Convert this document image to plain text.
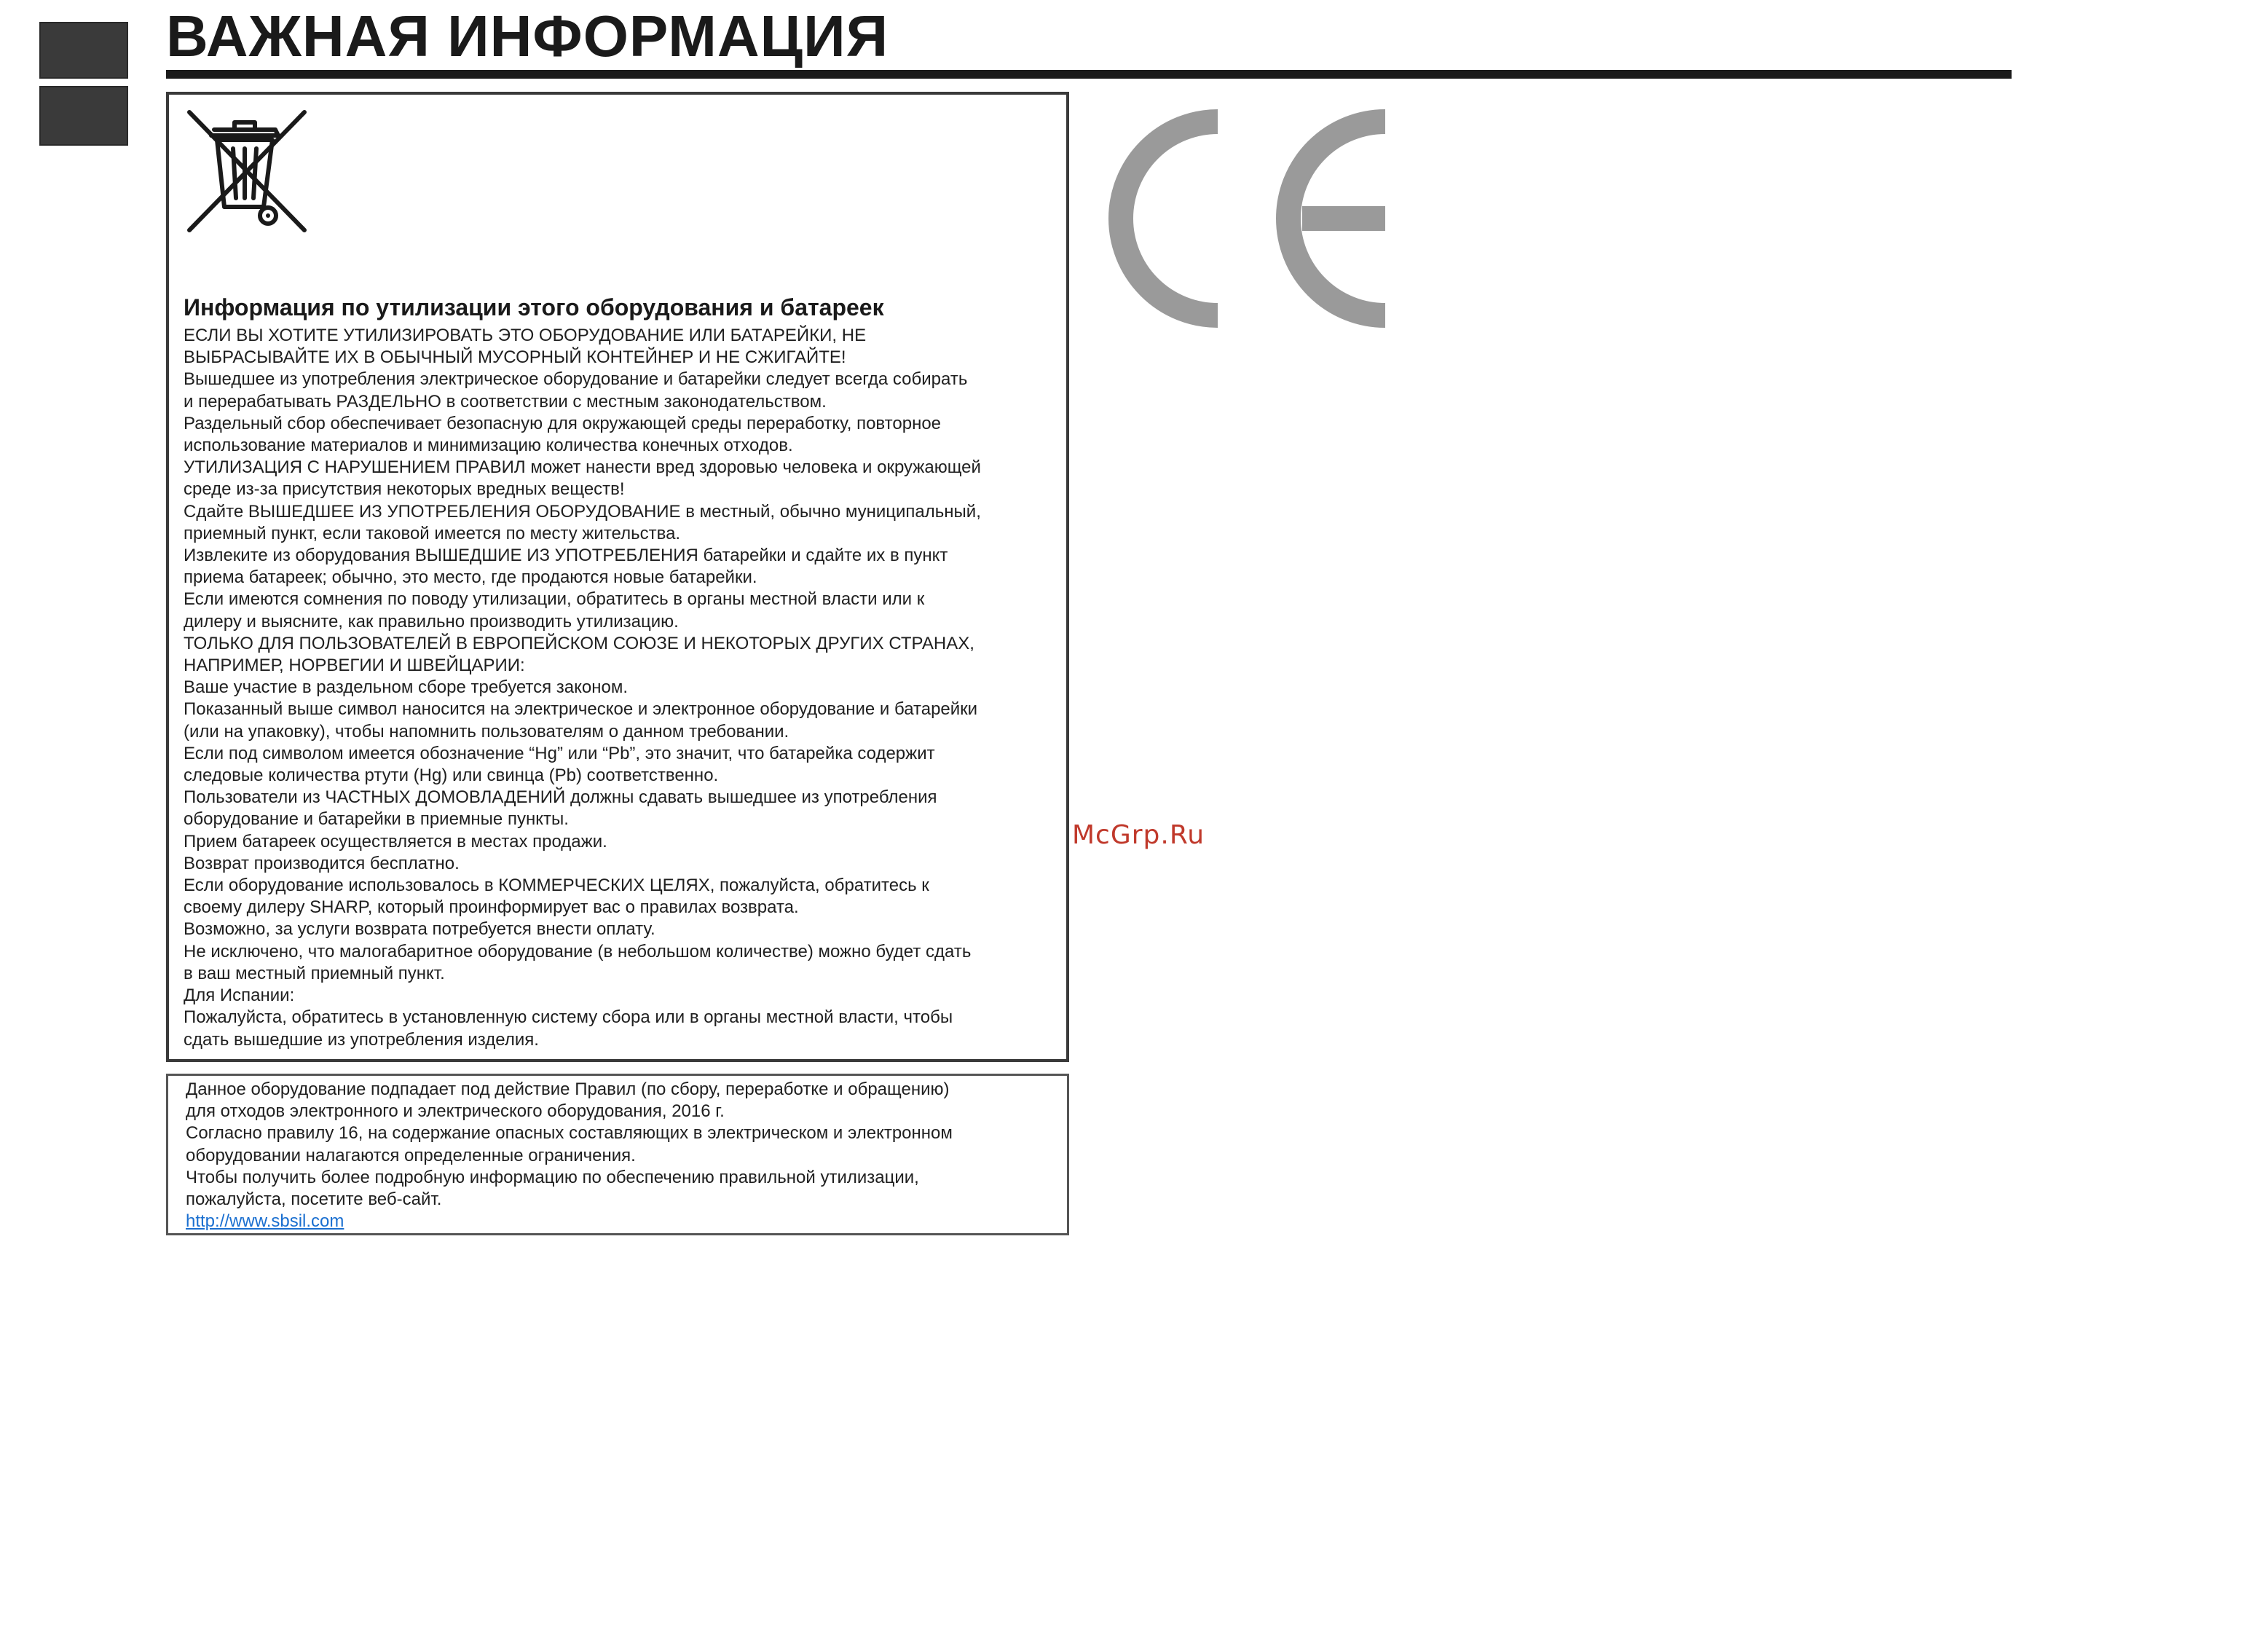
ВАЖНАЯ ИНФОРМАЦИЯ

Информация по утилизации этого оборудования и батареек

ЕСЛИ ВЫ ХОТИТЕ УТИЛИЗИРОВАТЬ ЭТО ОБОРУДОВАНИЕ ИЛИ БАТАРЕЙКИ, НЕ

ВЫБРАСЫВАЙТЕ ИХ В ОБЫЧНЫЙ МУСОРНЫЙ КОНТЕЙНЕР И НЕ СЖИГАЙТЕ!

Вышедшее из употребления электрическое оборудование и батарейки следует всегда собирать

и перерабатывать РАЗДЕЛЬНО в соответствии с местным законодательством.

Раздельный сбор обеспечивает безопасную для окружающей среды переработку, повторное

использование материалов и минимизацию количества конечных отходов.

УТИЛИЗАЦИЯ С НАРУШЕНИЕМ ПРАВИЛ может нанести вред здоровью человека и окружающей

среде из-за присутствия некоторых вредных веществ!

Сдайте ВЫШЕДШЕЕ ИЗ УПОТРЕБЛЕНИЯ ОБОРУДОВАНИЕ в местный, обычно муниципальный,

приемный пункт, если таковой имеется по месту жительства.

Извлеките из оборудования ВЫШЕДШИЕ ИЗ УПОТРЕБЛЕНИЯ батарейки и сдайте их в пункт

приема батареек; обычно, это место, где продаются новые батарейки.

Если имеются сомнения по поводу утилизации, обратитесь в органы местной власти или к

дилеру и выясните, как правильно производить утилизацию.

ТОЛЬКО ДЛЯ ПОЛЬЗОВАТЕЛЕЙ В ЕВРОПЕЙСКОМ СОЮЗЕ И НЕКОТОРЫХ ДРУГИХ СТРАНАХ,

НАПРИМЕР, НОРВЕГИИ И ШВЕЙЦАРИИ:

Ваше участие в раздельном сборе требуется законом.

Показанный выше символ наносится на электрическое и электронное оборудование и батарейки

(или на упаковку), чтобы напомнить пользователям о данном требовании.

Если под символом имеется обозначение “Hg” или “Pb”, это значит, что батарейка содержит

следовые количества ртути (Hg) или свинца (Pb) соответственно.

Пользователи из ЧАСТНЫХ ДОМОВЛАДЕНИЙ должны сдавать вышедшее из употребления

оборудование и батарейки в приемные пункты.

Прием батареек осуществляется в местах продажи.

Возврат производится бесплатно.

Если оборудование использовалось в КОММЕРЧЕСКИХ ЦЕЛЯХ, пожалуйста, обратитесь к

своему дилеру SHARP, который проинформирует вас о правилах возврата.

Возможно, за услуги возврата потребуется внести оплату.

Не исключено, что малогабаритное оборудование (в небольшом количестве) можно будет сдать

в ваш местный приемный пункт.

Для Испании:

Пожалуйста, обратитесь в установленную систему сбора или в органы местной власти, чтобы

сдать вышедшие из употребления изделия.

Данное оборудование подпадает под действие Правил (по сбору, переработке и обращению)

для отходов электронного и электрического оборудования, 2016 г.

Согласно правилу 16, на содержание опасных составляющих в электрическом и электронном

оборудовании налагаются определенные ограничения.

Чтобы получить более подробную информацию по обеспечению правильной утилизации,

пожалуйста, посетите веб-сайт.

http://www.sbsil.com
McGrp.Ru
